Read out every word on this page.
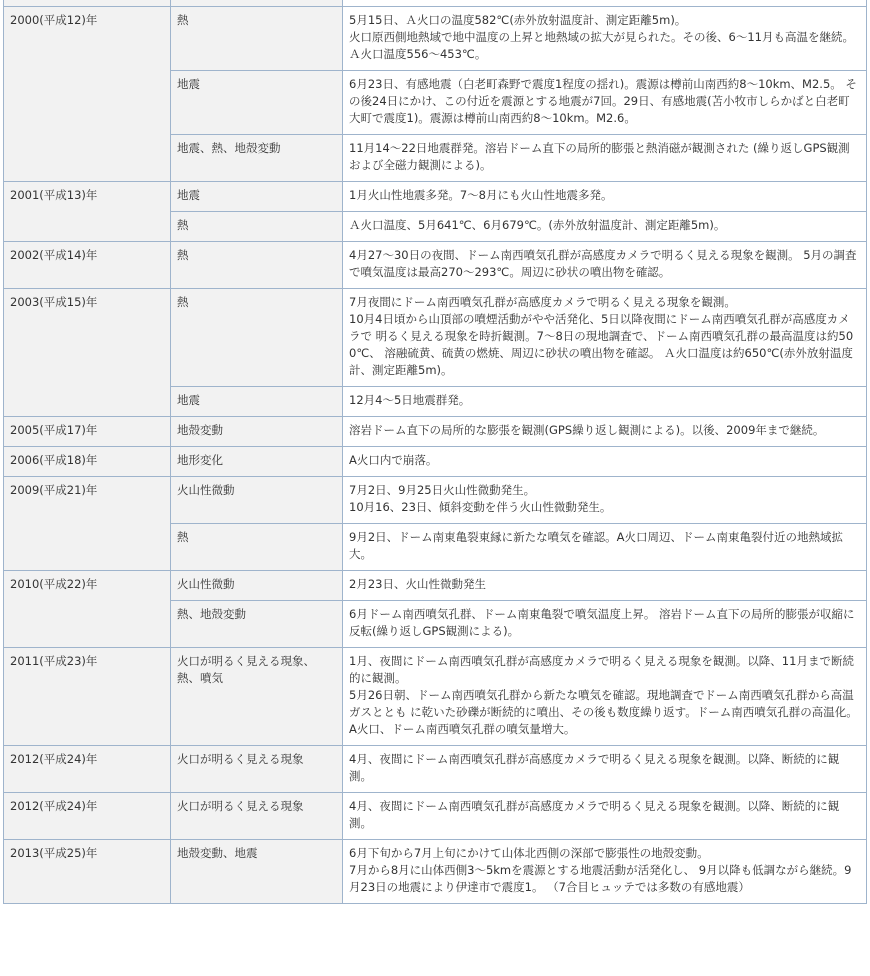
2000(平成12)年	熱	5月15日、Ａ火口の温度582℃(赤外放射温度計、測定距離5m)。
火口原西側地熱域で地中温度の上昇と地熱域の拡大が見られた。その後、6～11月も高温を継続。Ａ火口温度556～453℃。
	地震	6月23日、有感地震（白老町森野で震度1程度の揺れ)。震源は樽前山南西約8～10km、M2.5。 その後24日にかけ、この付近を震源とする地震が7回。29日、有感地震(苫小牧市しらかばと白老町大町で震度1)。震源は樽前山南西約8～10km。M2.6。
	地震、熱、地殻変動	11月14～22日地震群発。溶岩ドーム直下の局所的膨張と熱消磁が観測された (繰り返しGPS観測および全磁力観測による)。
2001(平成13)年	地震	1月火山性地震多発。7～8月にも火山性地震多発。
	熱	Ａ火口温度、5月641℃、6月679℃。(赤外放射温度計、測定距離5m)。
2002(平成14)年	熱	4月27～30日の夜間、ドーム南西噴気孔群が高感度カメラで明るく見える現象を観測。 5月の調査で噴気温度は最高270～293℃。周辺に砂状の噴出物を確認。
2003(平成15)年	熱	7月夜間にドーム南西噴気孔群が高感度カメラで明るく見える現象を観測。
10月4日頃から山頂部の噴煙活動がやや活発化、5日以降夜間にドーム南西噴気孔群が高感度カメラで 明るく見える現象を時折観測。7～8日の現地調査で、ドーム南西噴気孔群の最高温度は約500℃、 溶融硫黄、硫黄の燃焼、周辺に砂状の噴出物を確認。 Ａ火口温度は約650℃(赤外放射温度計、測定距離5m)。
	地震	12月4～5日地震群発。
2005(平成17)年	地殻変動	溶岩ドーム直下の局所的な膨張を観測(GPS繰り返し観測による)。以後、2009年まで継続。
2006(平成18)年	地形変化	A火口内で崩落。
2009(平成21)年	火山性微動	7月2日、9月25日火山性微動発生。
10月16、23日、傾斜変動を伴う火山性微動発生。
	熱	9月2日、ドーム南東亀裂東縁に新たな噴気を確認。A火口周辺、ドーム南東亀裂付近の地熱域拡大。
2010(平成22)年	火山性微動	2月23日、火山性微動発生
	熱、地殻変動	6月ドーム南西噴気孔群、ドーム南東亀裂で噴気温度上昇。 溶岩ドーム直下の局所的膨張が収縮に反転(繰り返しGPS観測による)。
2011(平成23)年	火口が明るく見える現象、熱、噴気	1月、夜間にドーム南西噴気孔群が高感度カメラで明るく見える現象を観測。以降、11月まで断続的に観測。
5月26日朝、ドーム南西噴気孔群から新たな噴気を確認。現地調査でドーム南西噴気孔群から高温ガスととも に乾いた砂礫が断続的に噴出、その後も数度繰り返す。ドーム南西噴気孔群の高温化。 A火口、ドーム南西噴気孔群の噴気量増大。
2012(平成24)年	火口が明るく見える現象	4月、夜間にドーム南西噴気孔群が高感度カメラで明るく見える現象を観測。以降、断続的に観測。
2012(平成24)年	火口が明るく見える現象	4月、夜間にドーム南西噴気孔群が高感度カメラで明るく見える現象を観測。以降、断続的に観測。
2013(平成25)年	地殻変動、地震	6月下旬から7月上旬にかけて山体北西側の深部で膨張性の地殻変動。
7月から8月に山体西側3～5kmを震源とする地震活動が活発化し、 9月以降も低調ながら継続。9月23日の地震により伊達市で震度1。 （7合目ヒュッテでは多数の有感地震）
